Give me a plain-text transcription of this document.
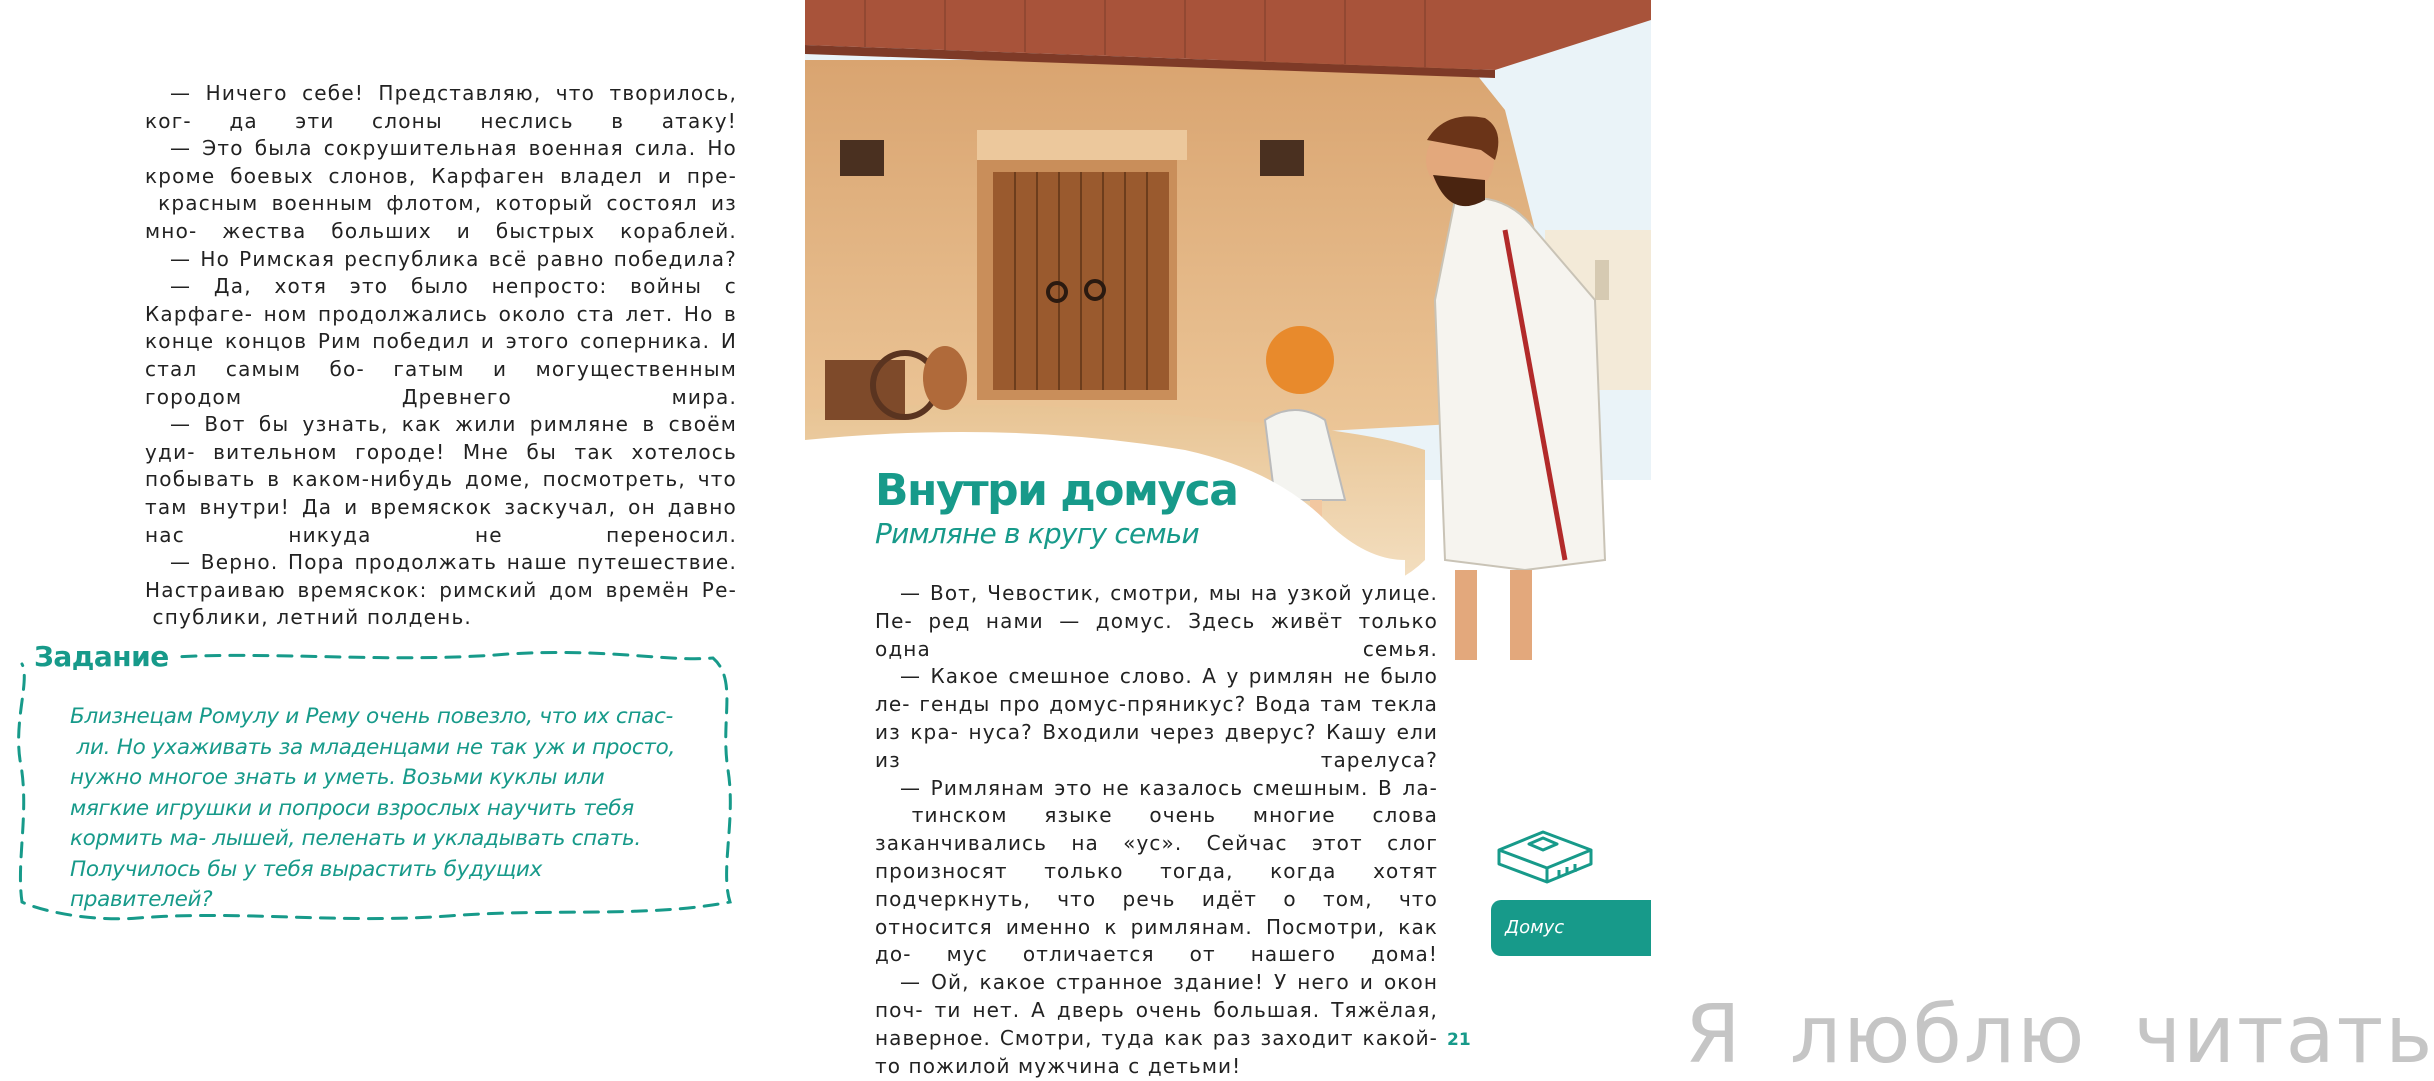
— Ничего себе! Представляю, что творилось, ког- да эти слоны неслись в атаку!

— Это была сокрушительная военная сила. Но кроме боевых слонов, Карфаген владел и пре- красным военным флотом, который состоял из мно- жества больших и быстрых кораблей.

— Но Римская республика всё равно победила?

— Да, хотя это было непросто: войны с Карфаге- ном продолжались около ста лет. Но в конце концов Рим победил и этого соперника. И стал самым бо- гатым и могущественным городом Древнего мира.

— Вот бы узнать, как жили римляне в своём уди- вительном городе! Мне бы так хотелось побывать в каком-нибудь доме, посмотреть, что там внутри! Да и времяскок заскучал, он давно нас никуда не переносил.

— Верно. Пора продолжать наше путешествие. Настраиваю времяскок: римский дом времён Ре- спублики, летний полдень.

Задание
Близнецам Ромулу и Рему очень повезло, что их спас- ли. Но ухаживать за младенцами не так уж и просто, нужно многое знать и уметь. Возьми куклы или мягкие игрушки и попроси взрослых научить тебя кормить ма- лышей, пеленать и укладывать спать. Получилось бы у тебя вырастить будущих правителей?
Внутри домуса
Римляне в кругу семьи

— Вот, Чевостик, смотри, мы на узкой улице. Пе- ред нами — домус. Здесь живёт только одна семья.

— Какое смешное слово. А у римлян не было ле- генды про домус-пряникус? Вода там текла из кра- нуса? Входили через дверус? Кашу ели из тарелуса?

— Римлянам это не казалось смешным. В ла- тинском языке очень многие слова заканчивались на «ус». Сейчас этот слог произносят только тогда, когда хотят подчеркнуть, что речь идёт о том, что относится именно к римлянам. Посмотри, как до- мус отличается от нашего дома!

— Ой, какое странное здание! У него и окон поч- ти нет. А дверь очень большая. Тяжёлая, наверное. Смотри, туда как раз заходит какой-то пожилой мужчина с детьми!

Домус
Я люблю читать
21
